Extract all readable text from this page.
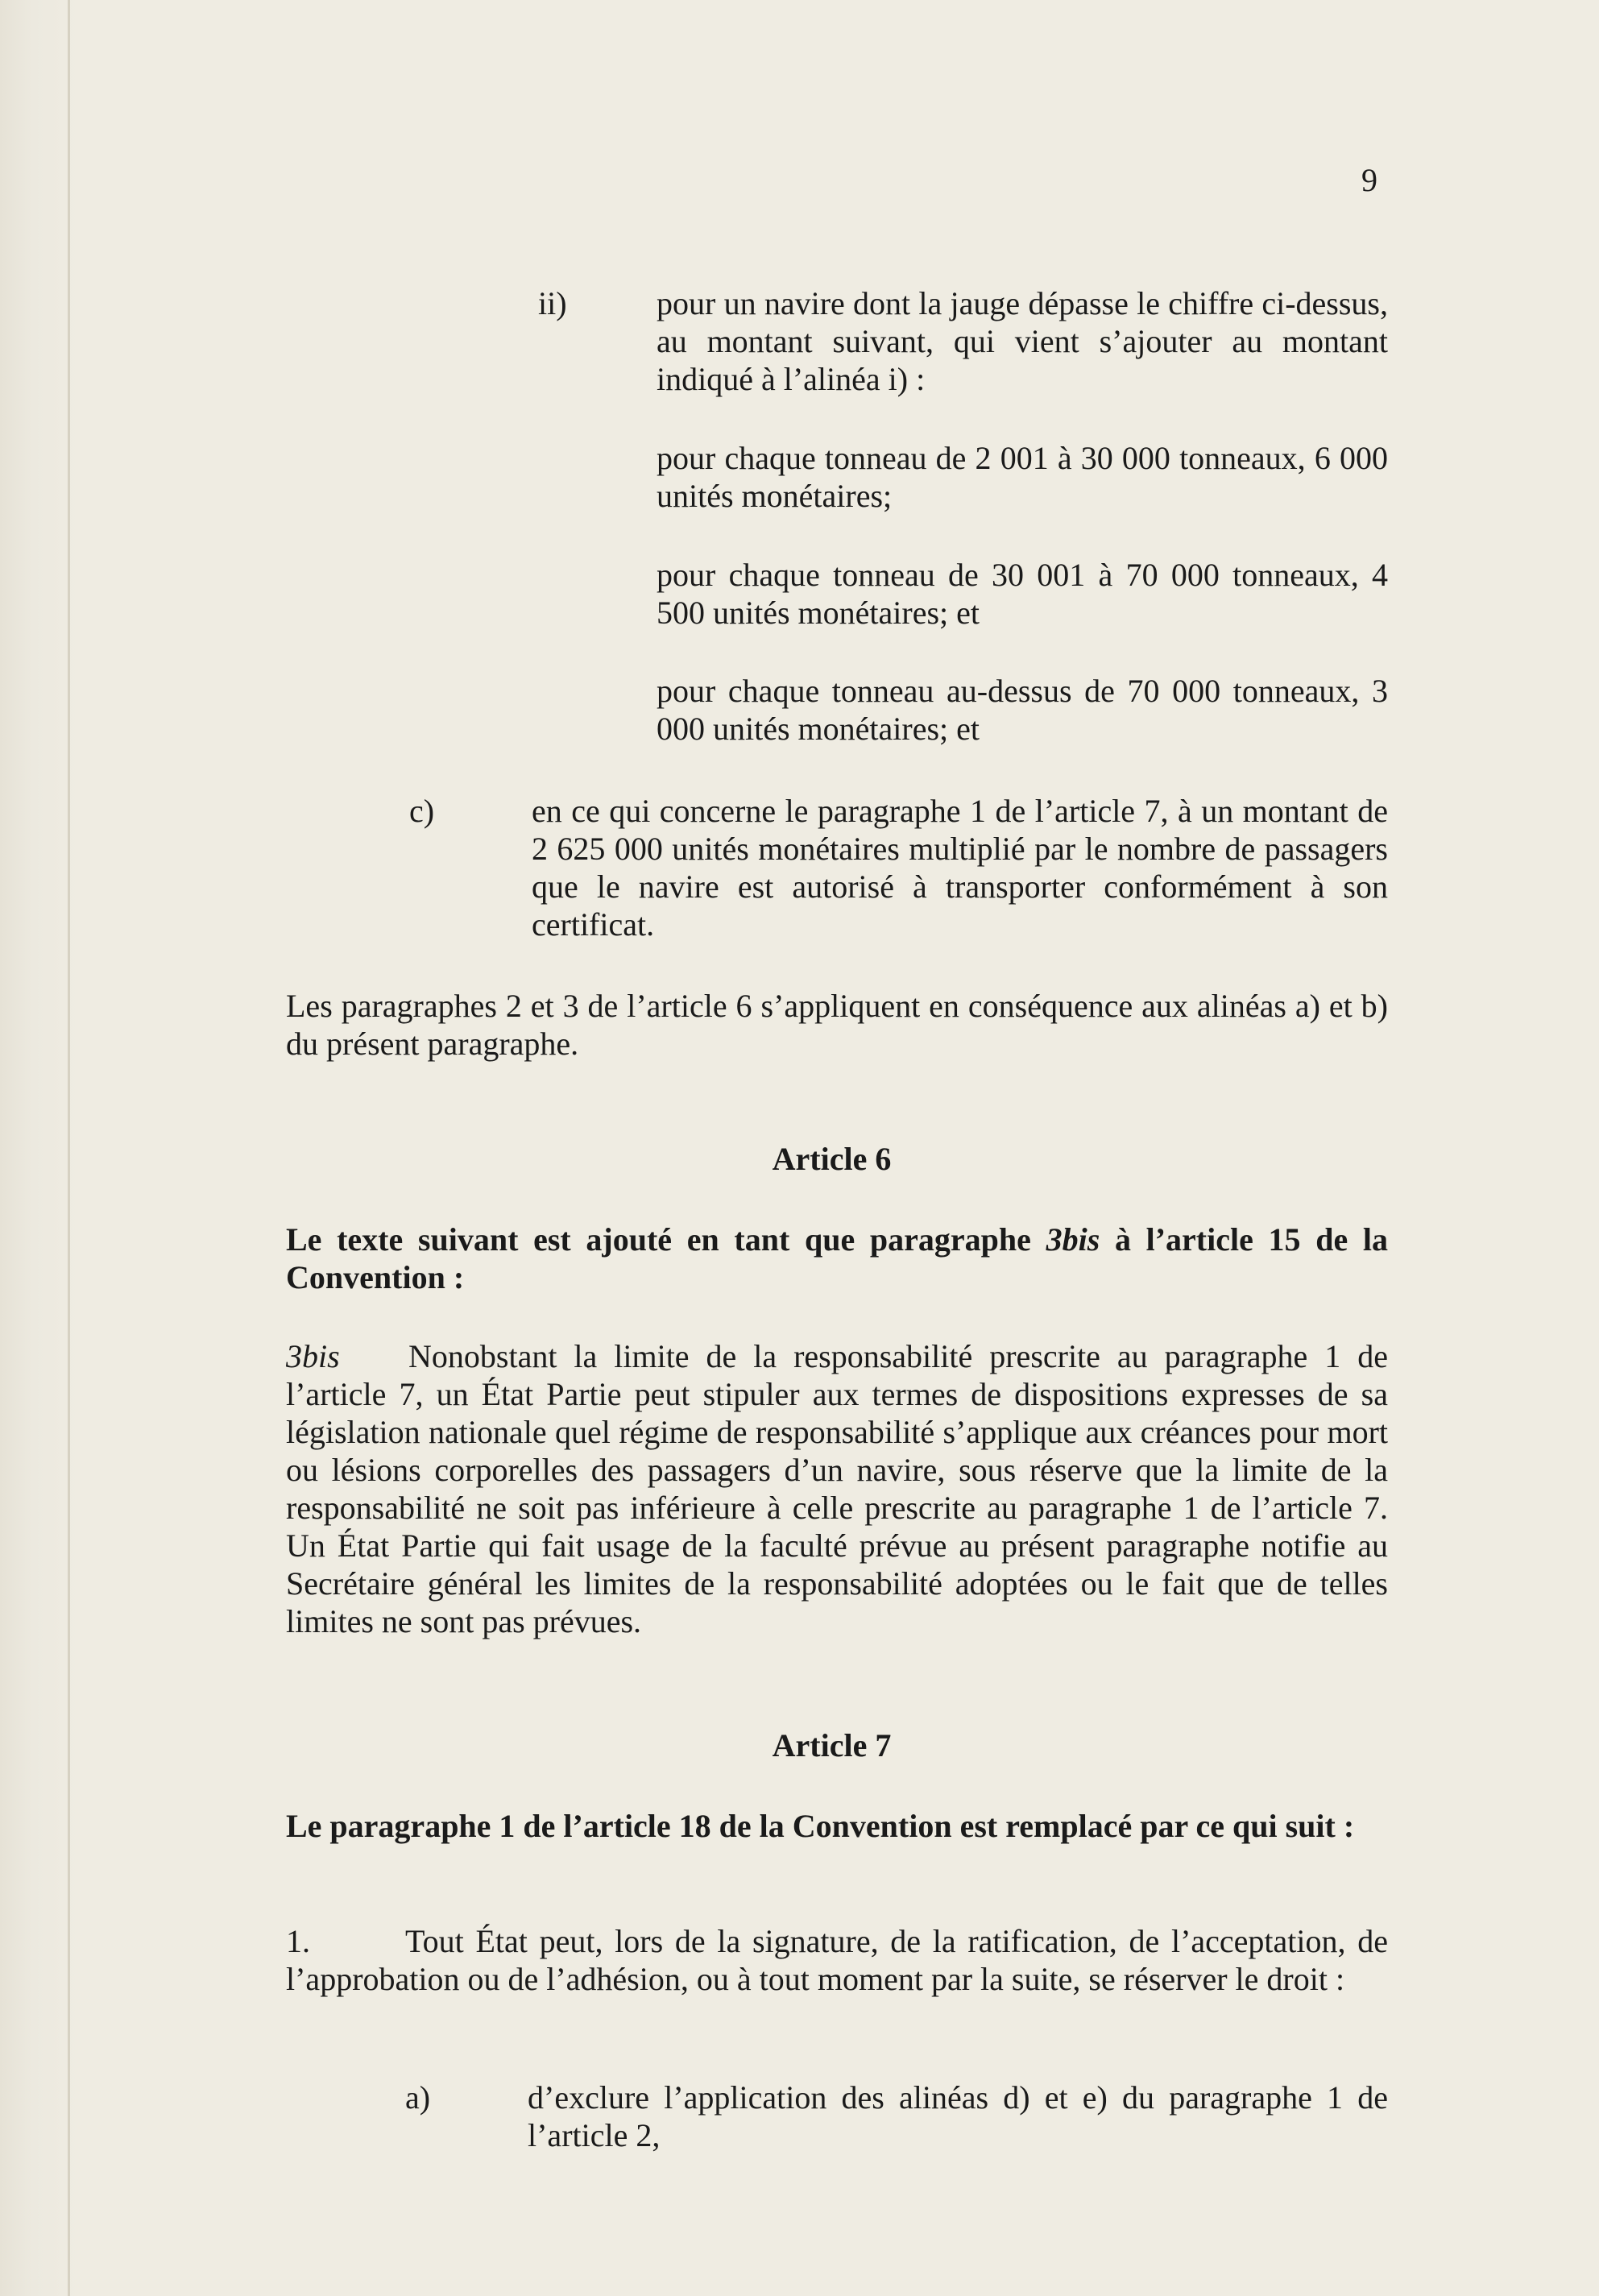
9
ii)	pour un navire dont la jauge dépasse le chiffre ci-dessus, au montant suivant, qui vient s’ajouter au montant indiqué à l’alinéa i) :

pour chaque tonneau de 2 001 à 30 000 tonneaux, 6 000 unités monétaires;

pour chaque tonneau de 30 001 à 70 000 tonneaux, 4 500 unités monétaires; et

pour chaque tonneau au-dessus de 70 000 tonneaux, 3 000 unités monétaires; et

c)	en ce qui concerne le paragraphe 1 de l’article 7, à un montant de 2 625 000 unités monétaires multiplié par le nombre de passagers que le navire est autorisé à transporter conformément à son certificat.

Les paragraphes 2 et 3 de l’article 6 s’appliquent en conséquence aux alinéas a) et b) du présent paragraphe.

Article 6

Le texte suivant est ajouté en tant que paragraphe 3bis à l’article 15 de la Convention :

Nonobstant la limite de la responsabilité prescrite au paragraphe 1 de l’article 7, un État Partie peut stipuler aux termes de dispositions expresses de sa législation nationale quel régime de responsabilité s’applique aux créances pour mort ou lésions corporelles des passagers d’un navire, sous réserve que la limite de la responsabilité ne soit pas inférieure à celle prescrite au paragraphe 1 de l’article 7. Un État Partie qui fait usage de la faculté prévue au présent paragraphe notifie au Secrétaire général les limites de la responsabilité adoptées ou le fait que de telles limites ne sont pas prévues.

3bis
Article 7

Le paragraphe 1 de l’article 18 de la Convention est remplacé par ce qui suit :

Tout État peut, lors de la signature, de la ratification, de l’acceptation, de l’approbation ou de l’adhésion, ou à tout moment par la suite, se réserver le droit :

1.
a)	d’exclure l’application des alinéas d) et e) du paragraphe 1 de l’article 2,
